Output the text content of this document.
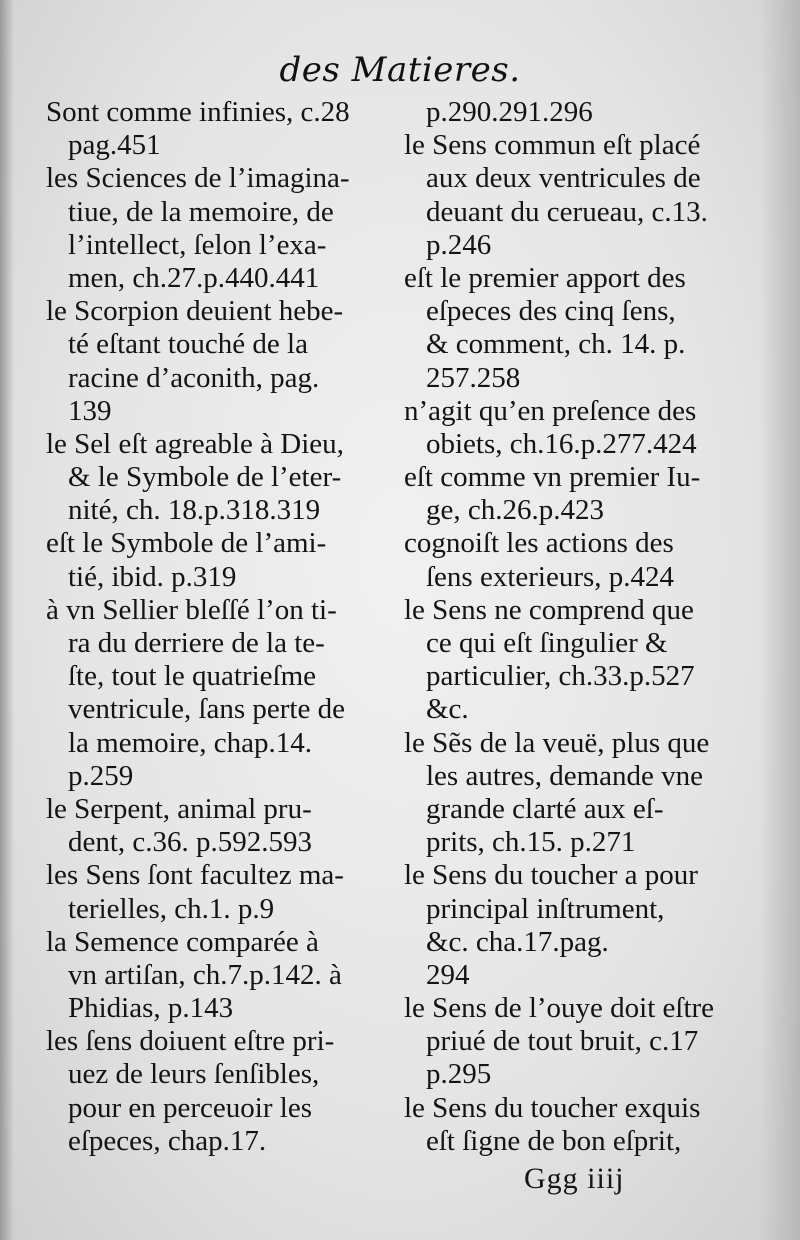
des Matieres.
Sont comme infinies, c.28
pag.451
les Sciences de l’imagina-
tiue, de la memoire, de
l’intellect, ſelon l’exa-
men, ch.27.p.440.441
le Scorpion deuient hebe-
té eſtant touché de la
racine d’aconith, pag.
139
le Sel eſt agreable à Dieu,
& le Symbole de l’eter-
nité, ch. 18.p.318.319
eſt le Symbole de l’ami-
tié, ibid. p.319
à vn Sellier bleſſé l’on ti-
ra du derriere de la te-
ſte, tout le quatrieſme
ventricule, ſans perte de
la memoire, chap.14.
p.259
le Serpent, animal pru-
dent, c.36. p.592.593
les Sens ſont facultez ma-
terielles, ch.1. p.9
la Semence comparée à
vn artiſan, ch.7.p.142. à
Phidias, p.143
les ſens doiuent eſtre pri-
uez de leurs ſenſibles,
pour en perceuoir les
eſpeces, chap.17.
p.290.291.296
le Sens commun eſt placé
aux deux ventricules de
deuant du cerueau, c.13.
p.246
eſt le premier apport des
eſpeces des cinq ſens,
& comment, ch. 14. p.
257.258
n’agit qu’en preſence des
obiets, ch.16.p.277.424
eſt comme vn premier Iu-
ge, ch.26.p.423
cognoiſt les actions des
ſens exterieurs, p.424
le Sens ne comprend que
ce qui eſt ſingulier &
particulier, ch.33.p.527
&c.
le Sẽs de la veuë, plus que
les autres, demande vne
grande clarté aux eſ-
prits, ch.15. p.271
le Sens du toucher a pour
principal inſtrument,
&c. cha.17.pag.
294
le Sens de l’ouye doit eſtre
priué de tout bruit, c.17
p.295
le Sens du toucher exquis
eſt ſigne de bon eſprit,
Ggg iiij
